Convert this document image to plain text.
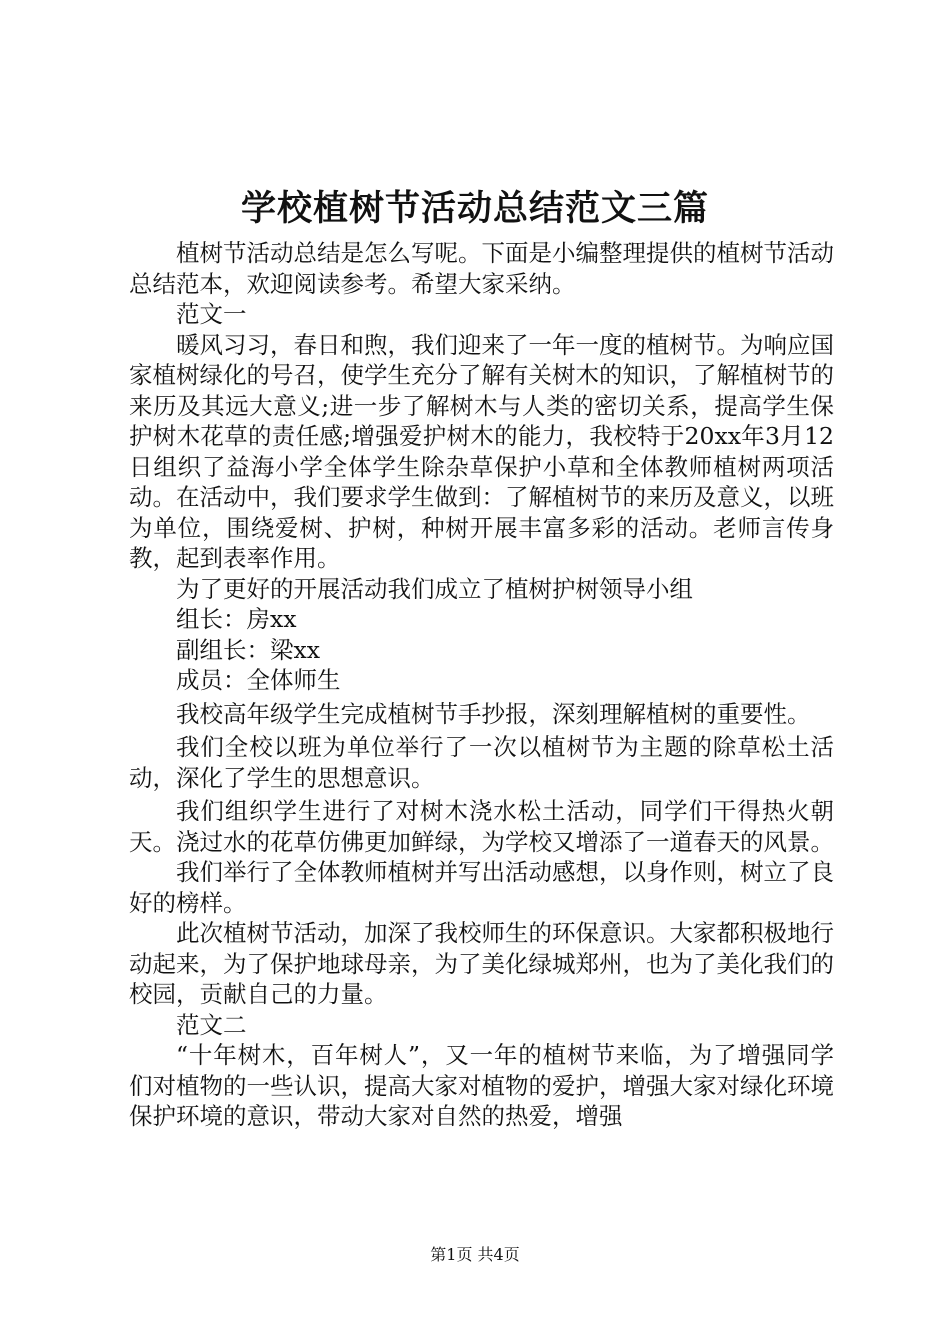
学校植树节活动总结范文三篇

植树节活动总结是怎么写呢。下面是小编整理提供的植树节活动总结范本，欢迎阅读参考。希望大家采纳。

范文一

暖风习习，春日和煦，我们迎来了一年一度的植树节。为响应国家植树绿化的号召，使学生充分了解有关树木的知识，了解植树节的来历及其远大意义;进一步了解树木与人类的密切关系，提高学生保护树木花草的责任感;增强爱护树木的能力，我校特于20xx年3月12日组织了益海小学全体学生除杂草保护小草和全体教师植树两项活动。在活动中，我们要求学生做到：了解植树节的来历及意义，以班为单位，围绕爱树、护树，种树开展丰富多彩的活动。老师言传身教，起到表率作用。

为了更好的开展活动我们成立了植树护树领导小组

组长：房xx

副组长：梁xx

成员：全体师生

我校高年级学生完成植树节手抄报，深刻理解植树的重要性。

我们全校以班为单位举行了一次以植树节为主题的除草松土活动，深化了学生的思想意识。

我们组织学生进行了对树木浇水松土活动，同学们干得热火朝天。浇过水的花草仿佛更加鲜绿，为学校又增添了一道春天的风景。

我们举行了全体教师植树并写出活动感想，以身作则，树立了良好的榜样。

此次植树节活动，加深了我校师生的环保意识。大家都积极地行动起来，为了保护地球母亲，为了美化绿城郑州，也为了美化我们的校园，贡献自己的力量。

范文二

“十年树木，百年树人”，又一年的植树节来临，为了增强同学们对植物的一些认识，提高大家对植物的爱护，增强大家对绿化环境保护环境的意识，带动大家对自然的热爱，增强

第1页 共4页
